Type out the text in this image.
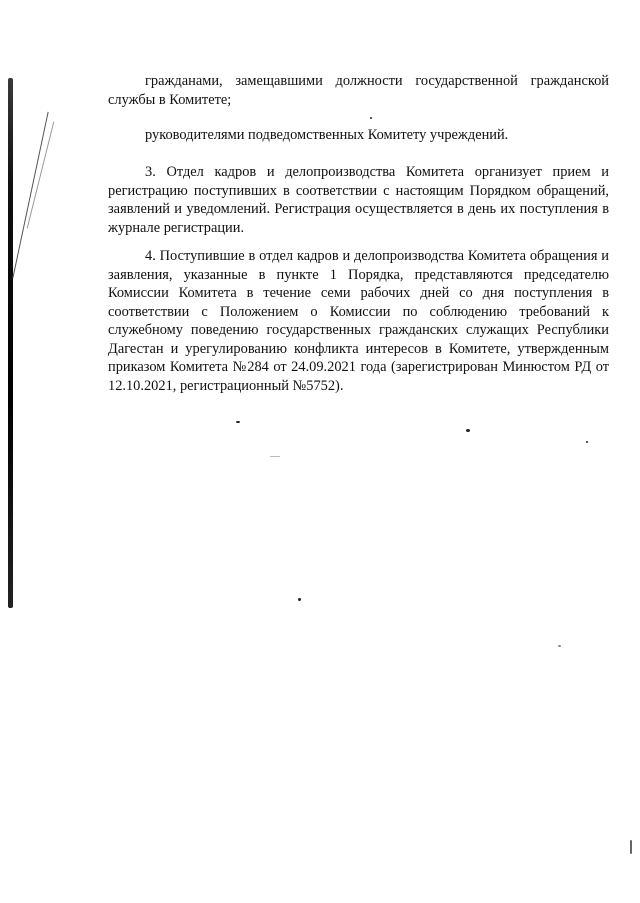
гражданами, замещавшими должности государственной гражданской службы в Комитете;

руководителями подведомственных Комитету учреждений.

3. Отдел кадров и делопроизводства Комитета организует прием и регистрацию поступивших в соответствии с настоящим Порядком обращений, заявлений и уведомлений. Регистрация осуществляется в день их поступления в журнале регистрации.

4. Поступившие в отдел кадров и делопроизводства Комитета обращения и заявления, указанные в пункте 1 Порядка, представляются председателю Комиссии Комитета в течение семи рабочих дней со дня поступления в соответствии с Положением о Комиссии по соблюдению требований к служебному поведению государственных гражданских служащих Республики Дагестан и урегулированию конфликта интересов в Комитете, утвержденным приказом Комитета №284 от 24.09.2021 года (зарегистрирован Минюстом РД от 12.10.2021, регистрационный №5752).
